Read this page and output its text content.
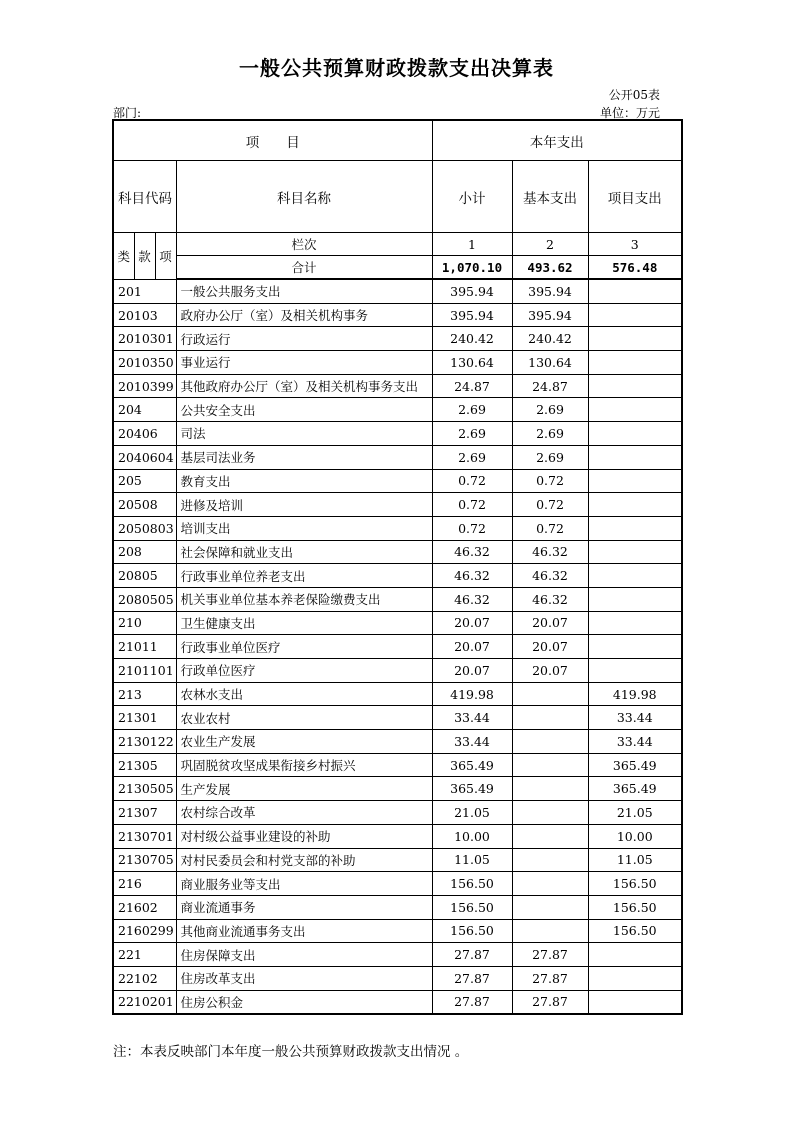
一般公共预算财政拨款支出决算表
公开05表
部门:	单位：万元
项　　目				本年支出		
科目代码			科目名称	小计	基本支出	项目支出
类	款	项	栏次	1	2	3
			合计	1,070.10	493.62	576.48
201			一般公共服务支出	395.94	395.94	
20103			政府办公厅（室）及相关机构事务	395.94	395.94	
2010301			行政运行	240.42	240.42	
2010350			事业运行	130.64	130.64	
2010399			其他政府办公厅（室）及相关机构事务支出	24.87	24.87	
204			公共安全支出	2.69	2.69	
20406			司法	2.69	2.69	
2040604			基层司法业务	2.69	2.69	
205			教育支出	0.72	0.72	
20508			进修及培训	0.72	0.72	
2050803			培训支出	0.72	0.72	
208			社会保障和就业支出	46.32	46.32	
20805			行政事业单位养老支出	46.32	46.32	
2080505			机关事业单位基本养老保险缴费支出	46.32	46.32	
210			卫生健康支出	20.07	20.07	
21011			行政事业单位医疗	20.07	20.07	
2101101			行政单位医疗	20.07	20.07	
213			农林水支出	419.98		419.98
21301			农业农村	33.44		33.44
2130122			农业生产发展	33.44		33.44
21305			巩固脱贫攻坚成果衔接乡村振兴	365.49		365.49
2130505			生产发展	365.49		365.49
21307			农村综合改革	21.05		21.05
2130701			对村级公益事业建设的补助	10.00		10.00
2130705			对村民委员会和村党支部的补助	11.05		11.05
216			商业服务业等支出	156.50		156.50
21602			商业流通事务	156.50		156.50
2160299			其他商业流通事务支出	156.50		156.50
221			住房保障支出	27.87	27.87	
22102			住房改革支出	27.87	27.87	
2210201			住房公积金	27.87	27.87	
注：本表反映部门本年度一般公共预算财政拨款支出情况 。
